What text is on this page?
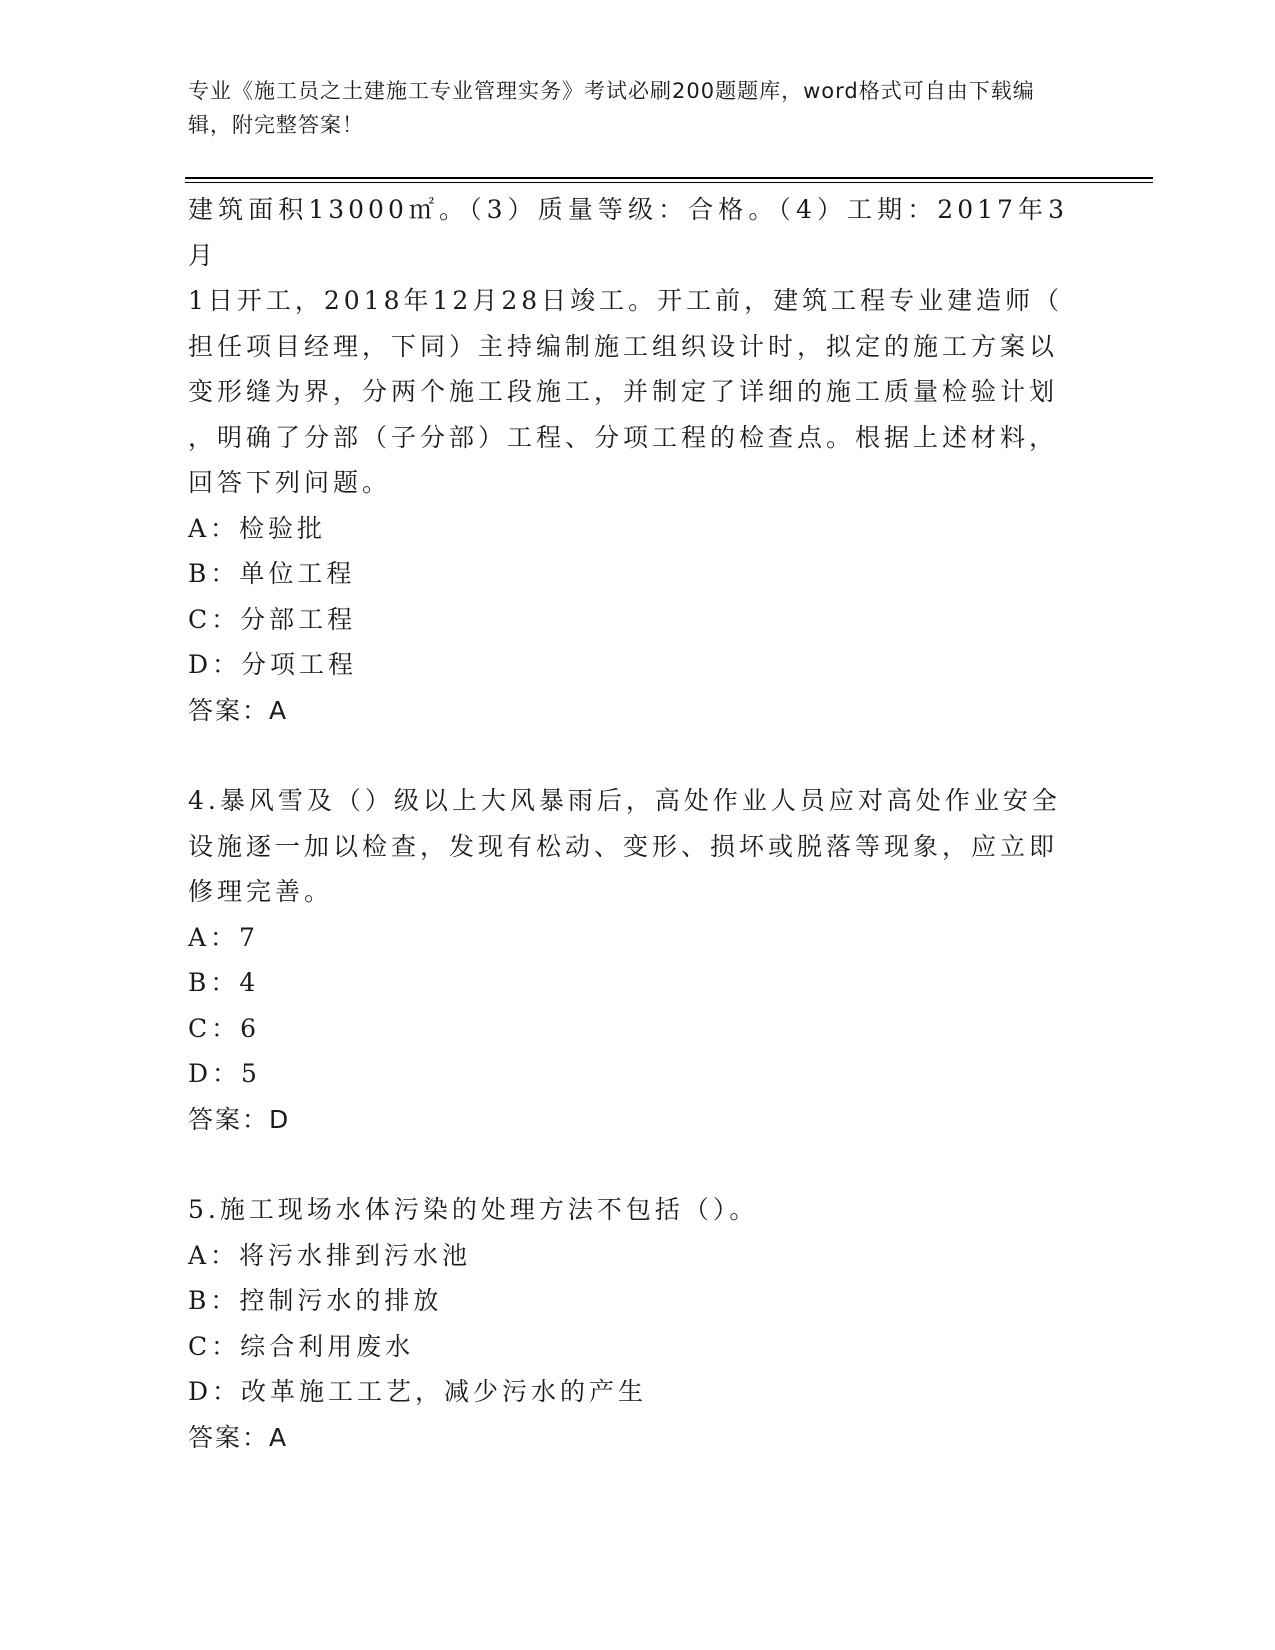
专业《施工员之土建施工专业管理实务》考试必刷200题题库，word格式可自由下载编辑，附完整答案！

建筑面积13000㎡。（3）质量等级：合格。（4）工期：2017年3月

1日开工，2018年12月28日竣工。开工前，建筑工程专业建造师（

担任项目经理，下同）主持编制施工组织设计时，拟定的施工方案以

变形缝为界，分两个施工段施工，并制定了详细的施工质量检验计划

，明确了分部（子分部）工程、分项工程的检查点。根据上述材料，

回答下列问题。

A：检验批

B：单位工程

C：分部工程

D：分项工程

答案：A

4.暴风雪及（）级以上大风暴雨后，高处作业人员应对高处作业安全

设施逐一加以检查，发现有松动、变形、损坏或脱落等现象，应立即

修理完善。

A：7

B：4

C：6

D：5

答案：D

5.施工现场水体污染的处理方法不包括（）。

A：将污水排到污水池

B：控制污水的排放

C：综合利用废水

D：改革施工工艺，减少污水的产生

答案：A
